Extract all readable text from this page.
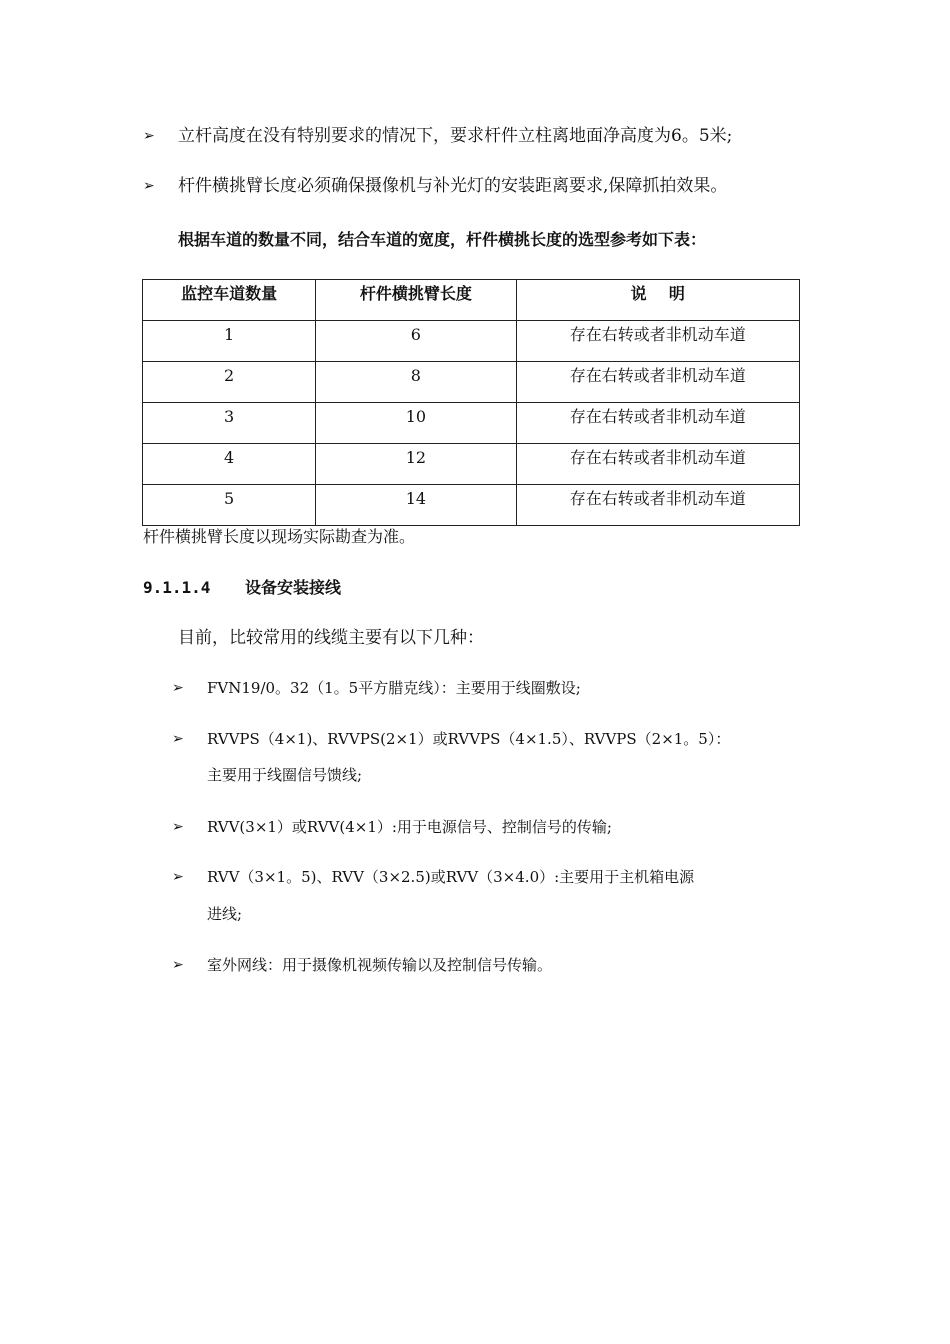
➢ 立杆高度在没有特别要求的情况下，要求杆件立柱离地面净高度为6。5米;
➢ 杆件横挑臂长度必须确保摄像机与补光灯的安装距离要求,保障抓拍效果。
根据车道的数量不同，结合车道的宽度，杆件横挑长度的选型参考如下表：
监控车道数量	杆件横挑臂长度	说    明
1	6	存在右转或者非机动车道
2	8	存在右转或者非机动车道
3	10	存在右转或者非机动车道
4	12	存在右转或者非机动车道
5	14	存在右转或者非机动车道
杆件横挑臂长度以现场实际勘查为准。
9.1.1.4 设备安装接线
目前，比较常用的线缆主要有以下几种：
➢ FVN19/0。32（1。5平方腊克线）：主要用于线圈敷设;
➢ RVVPS（4×1)、RVVPS(2×1）或RVVPS（4×1.5）、RVVPS（2×1。5）：
主要用于线圈信号馈线;
➢ RVV(3×1）或RVV(4×1）:用于电源信号、控制信号的传输;
➢ RVV（3×1。5)、RVV（3×2.5)或RVV（3×4.0）:主要用于主机箱电源
进线;
➢ 室外网线：用于摄像机视频传输以及控制信号传输。
